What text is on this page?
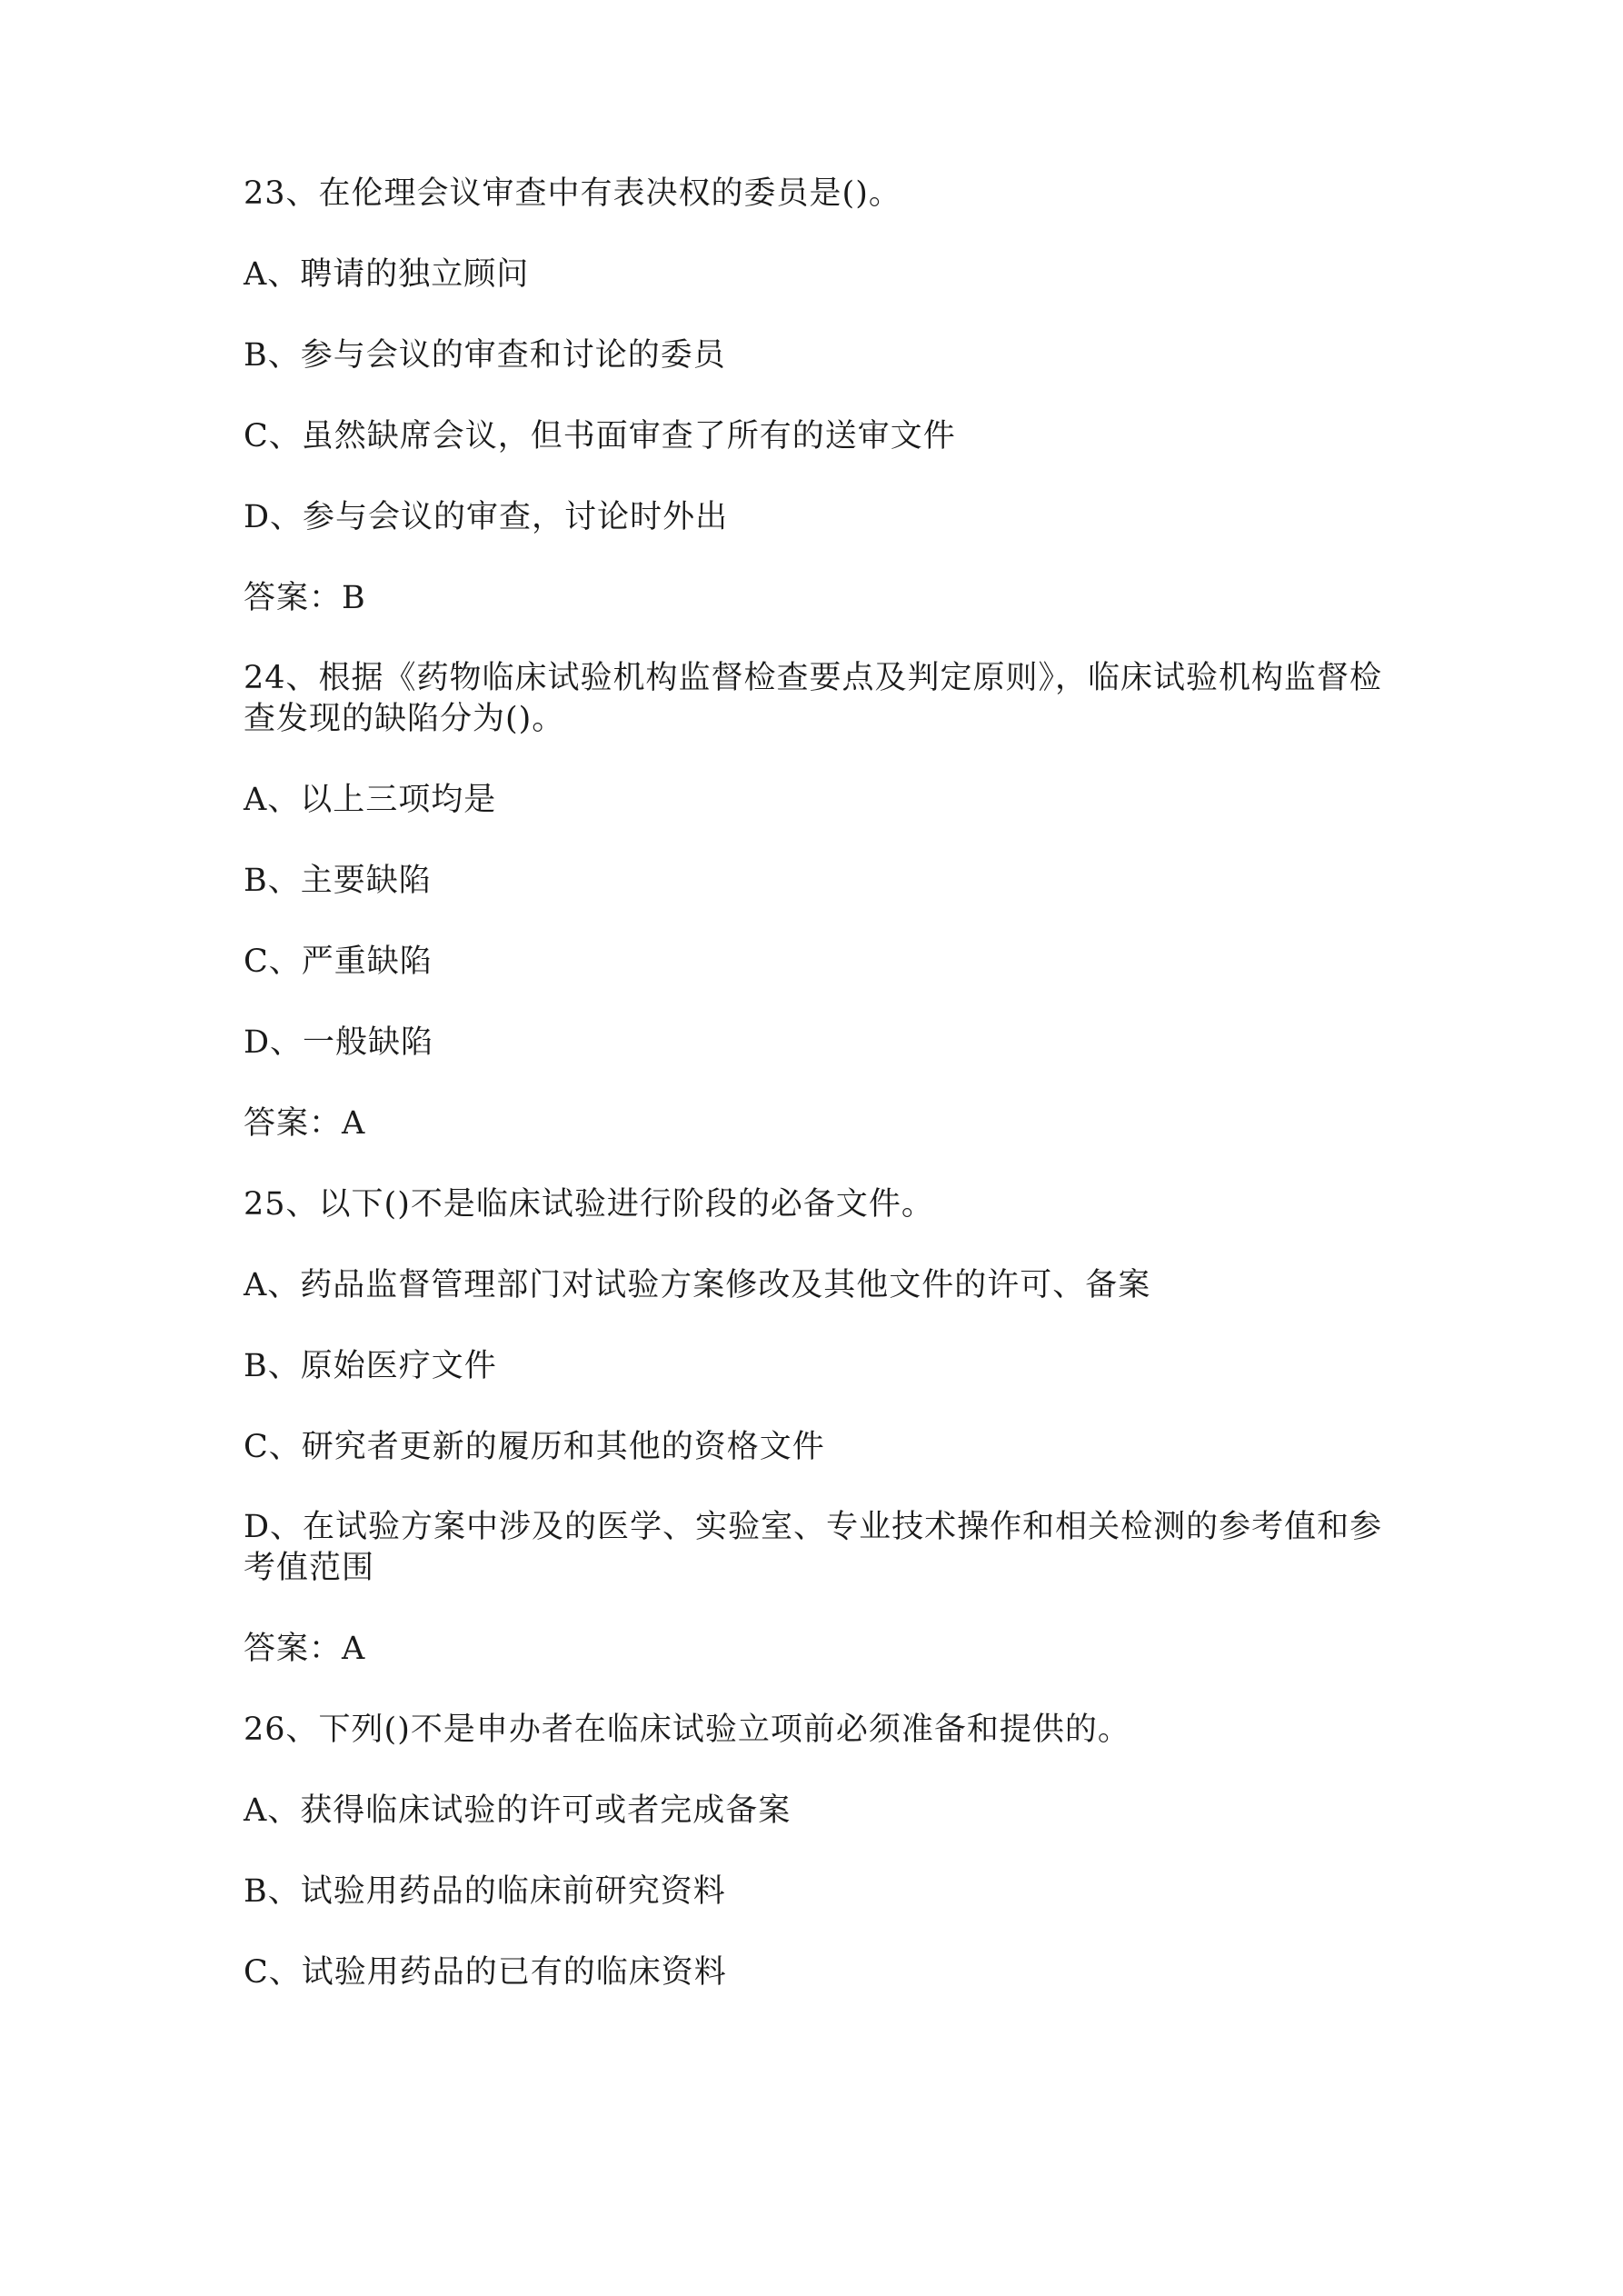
23、在伦理会议审查中有表决权的委员是()。

A、聘请的独立顾问

B、参与会议的审查和讨论的委员

C、虽然缺席会议，但书面审查了所有的送审文件

D、参与会议的审查，讨论时外出

答案：B

24、根据《药物临床试验机构监督检查要点及判定原则》，临床试验机构监督检查发现的缺陷分为()。

A、以上三项均是

B、主要缺陷

C、严重缺陷

D、一般缺陷

答案：A

25、以下()不是临床试验进行阶段的必备文件。

A、药品监督管理部门对试验方案修改及其他文件的许可、备案

B、原始医疗文件

C、研究者更新的履历和其他的资格文件

D、在试验方案中涉及的医学、实验室、专业技术操作和相关检测的参考值和参考值范围

答案：A

26、下列()不是申办者在临床试验立项前必须准备和提供的。

A、获得临床试验的许可或者完成备案

B、试验用药品的临床前研究资料

C、试验用药品的已有的临床资料
